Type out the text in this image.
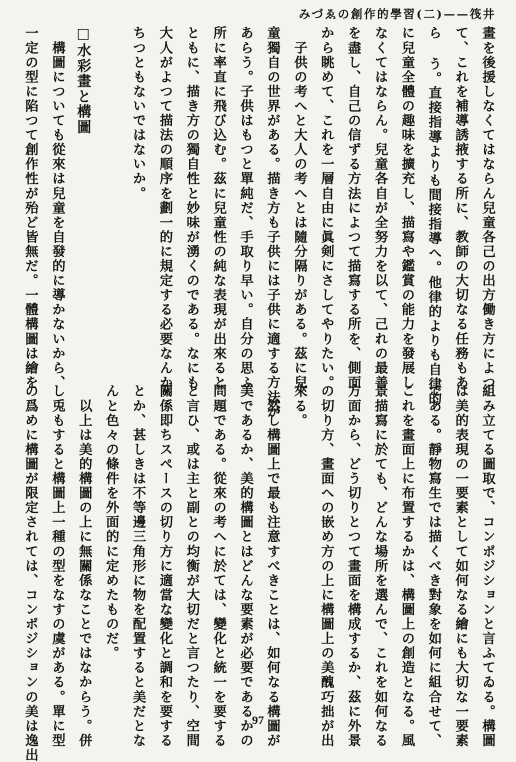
みづゑの創作的學習(二)——筏井
畫を後援しなくてはならん兒童各己の出方働き方によつ
て、これを補導誘掖する所に、教師の大切なる任務もあ
ら う。直接指導よりも間接指導へ。他律的よりも自律的
に兒童全體の趣味を擴充し、描寫や鑑賞の能力を發展し
なくてはならん。兒童各自が全努力を以て、己れの最善
を盡し、自己の信ずる方法によつて描寫する所を、側面
から眺めて、これを一層自由に眞剣にさしてやりたい。
　子供の考へと大人の考へとは隨分隔りがある。茲に兒
童獨自の世界がある。描き方も子供には子供に適する方法が
あらう。子供はもつと單純だ、手取り早い。自分の思ふ
所に率直に飛び込む。茲に兒童性の純な表現が出來ると
ともに、描き方の獨自性と妙味が湧くのである。なにも
大人がよつて描法の順序を劃一的に規定する必要なんか
ちつともないではないか。
□水彩畫と構圖
　構圖についても從來は兒童を自發的に導かないから、
一定の型に陷つて創作性が殆ど皆無だ。一體構圖は繪を
組み立てる圖取で、コンポジションと言ふてゐる。構圖
は美的表現の一要素として如何なる繪にも大切な一要素
である。靜物寫生では描くべき對象を如何に組合せて、
これを畫面上に布置するかは、構圖上の創造となる。風
景描寫に於ても、どんな場所を選んで、これを如何なる
方面から、どう切りとつて畫面を構成するか、茲に外景
の切り方、畫面への嵌め方の上に構圖上の美醜巧拙が出
來る。
　然し構圖上で最も注意すべきことは、如何なる構圖が
美であるか、美的構圖とはどんな要素が必要であるかの
問題である。從來の考へに於ては、變化と統一を要する
と言ひ、或は主と副との均衡が大切だと言つたり、空間
關係即ちスペースの切り方に適當な變化と調和を要する
とか、甚しきは不等邊三角形に物を配置すると美だとな
んと色々の條件を外面的に定めたものだ。
　以上は美的構圖の上に無關係なことではなからう。併
し兎もすると構圖上一種の型をなすの虞がある。單に型
の爲めに構圖が限定されては、コンポジションの美は逸出	97
